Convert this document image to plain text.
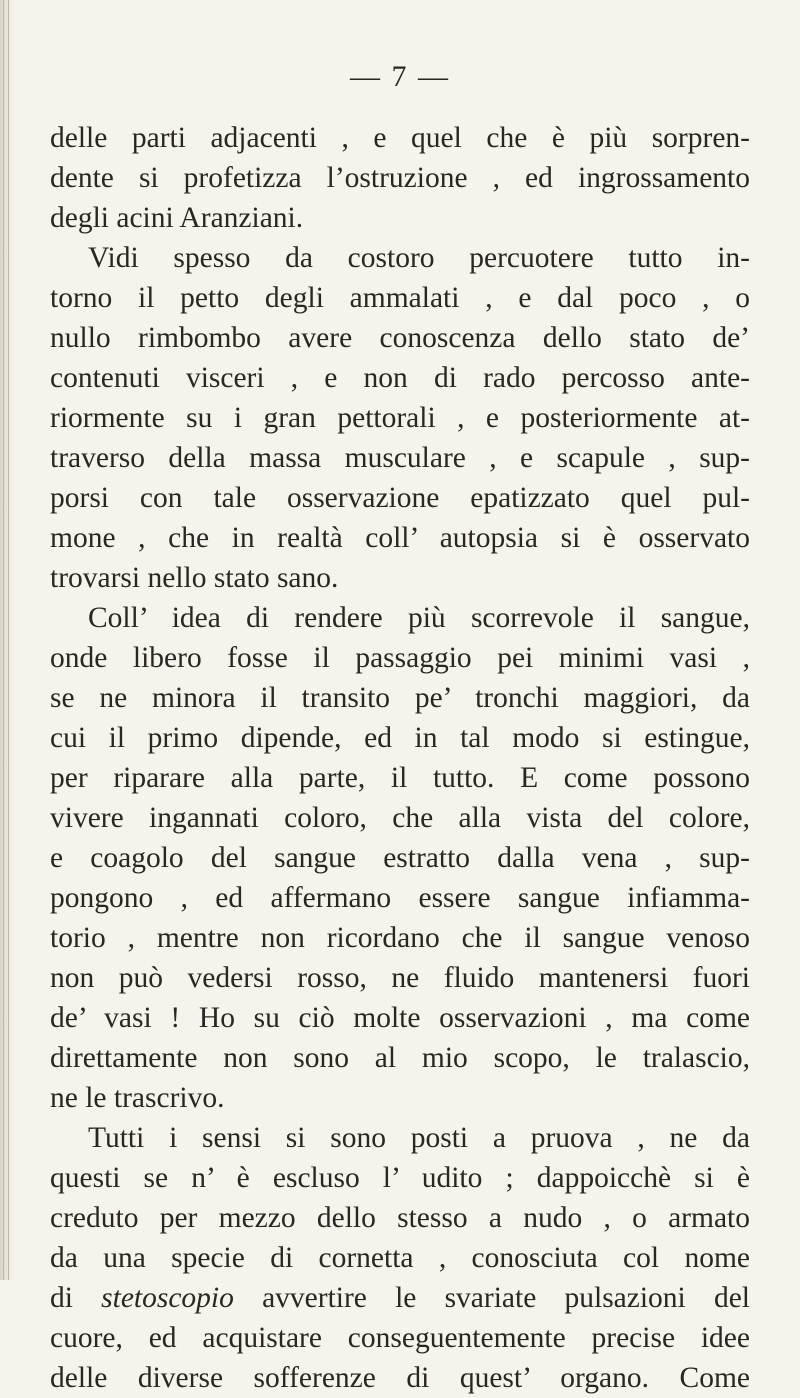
— 7 —
delle parti adjacenti , e quel che è più sorpren-
dente si profetizza l’ostruzione , ed ingrossamento
degli acini Aranziani.
Vidi spesso da costoro percuotere tutto in-
torno il petto degli ammalati , e dal poco , o
nullo rimbombo avere conoscenza dello stato de’
contenuti visceri , e non di rado percosso ante-
riormente su i gran pettorali , e posteriormente at-
traverso della massa musculare , e scapule , sup-
porsi con tale osservazione epatizzato quel pul-
mone , che in realtà coll’ autopsia si è osservato
trovarsi nello stato sano.
Coll’ idea di rendere più scorrevole il sangue,
onde libero fosse il passaggio pei minimi vasi ,
se ne minora il transito pe’ tronchi maggiori, da
cui il primo dipende, ed in tal modo si estingue,
per riparare alla parte, il tutto. E come possono
vivere ingannati coloro, che alla vista del colore,
e coagolo del sangue estratto dalla vena , sup-
pongono , ed affermano essere sangue infiamma-
torio , mentre non ricordano che il sangue venoso
non può vedersi rosso, ne fluido mantenersi fuori
de’ vasi ! Ho su ciò molte osservazioni , ma come
direttamente non sono al mio scopo, le tralascio,
ne le trascrivo.
Tutti i sensi si sono posti a pruova , ne da
questi se n’ è escluso l’ udito ; dappoicchè si è
creduto per mezzo dello stesso a nudo , o armato
da una specie di cornetta , conosciuta col nome
di stetoscopio avvertire le svariate pulsazioni del
cuore, ed acquistare conseguentemente precise idee
delle diverse sofferenze di quest’ organo. Come
